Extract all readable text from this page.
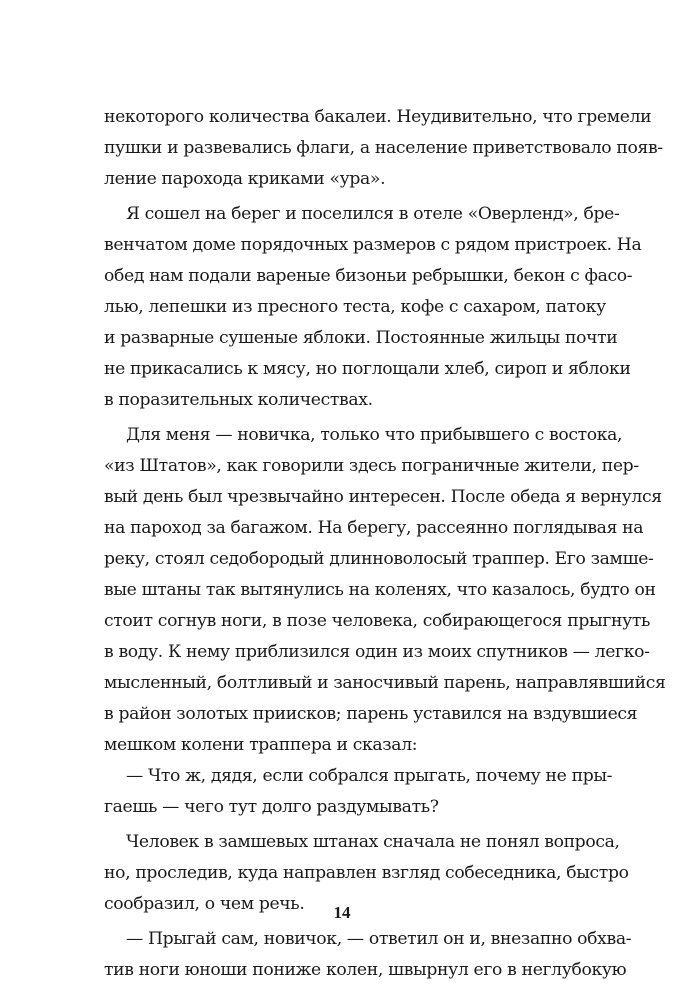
некоторого количества бакалеи. Неудивительно, что гремели
пушки и развевались флаги, а население приветствовало появ-
ление парохода криками «ура».
Я сошел на берег и поселился в отеле «Оверленд», бре-
венчатом доме порядочных размеров с рядом пристроек. На
обед нам подали вареные бизоньи ребрышки, бекон с фасо-
лью, лепешки из пресного теста, кофе с сахаром, патоку
и разварные сушеные яблоки. Постоянные жильцы почти
не прикасались к мясу, но поглощали хлеб, сироп и яблоки
в поразительных количествах.
Для меня — новичка, только что прибывшего с востока,
«из Штатов», как говорили здесь пограничные жители, пер-
вый день был чрезвычайно интересен. После обеда я вернулся
на пароход за багажом. На берегу, рассеянно поглядывая на
реку, стоял седобородый длинноволосый траппер. Его замше-
вые штаны так вытянулись на коленях, что казалось, будто он
стоит согнув ноги, в позе человека, собирающегося прыгнуть
в воду. К нему приблизился один из моих спутников — легко-
мысленный, болтливый и заносчивый парень, направлявшийся
в район золотых приисков; парень уставился на вздувшиеся
мешком колени траппера и сказал:
— Что ж, дядя, если собрался прыгать, почему не пры-
гаешь — чего тут долго раздумывать?
Человек в замшевых штанах сначала не понял вопроса,
но, проследив, куда направлен взгляд собеседника, быстро
сообразил, о чем речь.
— Прыгай сам, новичок, — ответил он и, внезапно обхва-
тив ноги юноши пониже колен, швырнул его в неглубокую
14
